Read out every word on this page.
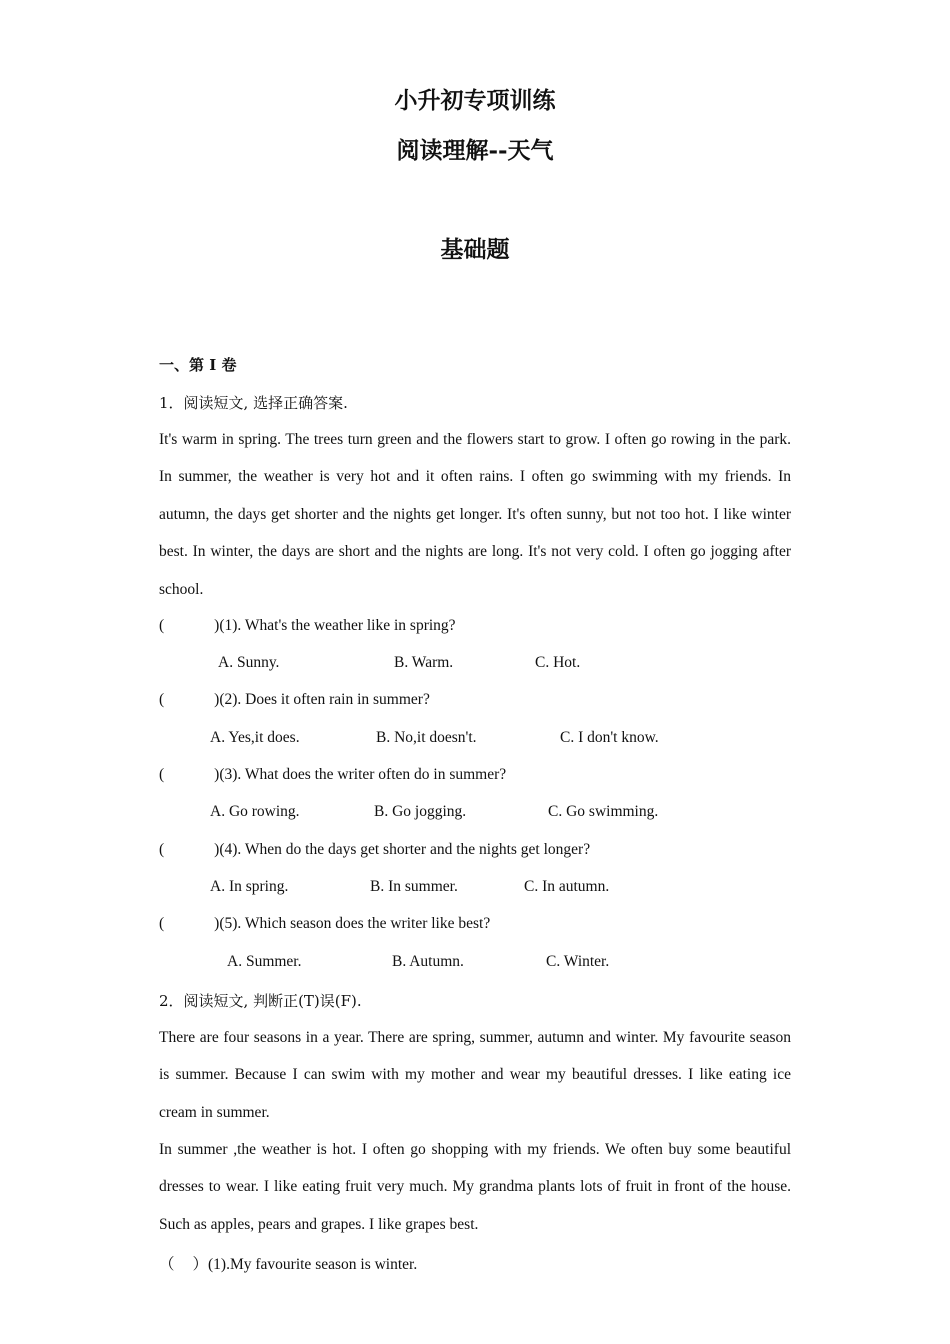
小升初专项训练
阅读理解--天气
基础题
一、第 I 卷
1．阅读短文, 选择正确答案.
It's warm in spring. The trees turn green and the flowers start to grow. I often go rowing in the park. In summer, the weather is very hot and it often rains. I often go swimming with my friends. In autumn, the days get shorter and the nights get longer. It's often sunny, but not too hot. I like winter best. In winter, the days are short and the nights are long. It's not very cold. I often go jogging after school.
(	)(1). What's the weather like in spring?
A. Sunny.	B. Warm.	C. Hot.
(	)(2). Does it often rain in summer?
A. Yes,it does.	B. No,it doesn't.	C. I don't know.
(	)(3). What does the writer often do in summer?
A. Go rowing.	B. Go jogging.	C. Go swimming.
(	)(4). When do the days get shorter and the nights get longer?
A. In spring.	B. In summer.	C. In autumn.
(	)(5). Which season does the writer like best?
A. Summer.	B. Autumn.	C. Winter.
2．阅读短文, 判断正(T)误(F).
There are four seasons in a year. There are spring, summer, autumn and winter. My favourite season is summer. Because I can swim with my mother and wear my beautiful dresses. I like eating ice cream in summer.
In summer ,the weather is hot. I often go shopping with my friends. We often buy some beautiful dresses to wear. I like eating fruit very much. My grandma plants lots of fruit in front of the house. Such as apples, pears and grapes. I like grapes best.
（ ）(1).My favourite season is winter.
